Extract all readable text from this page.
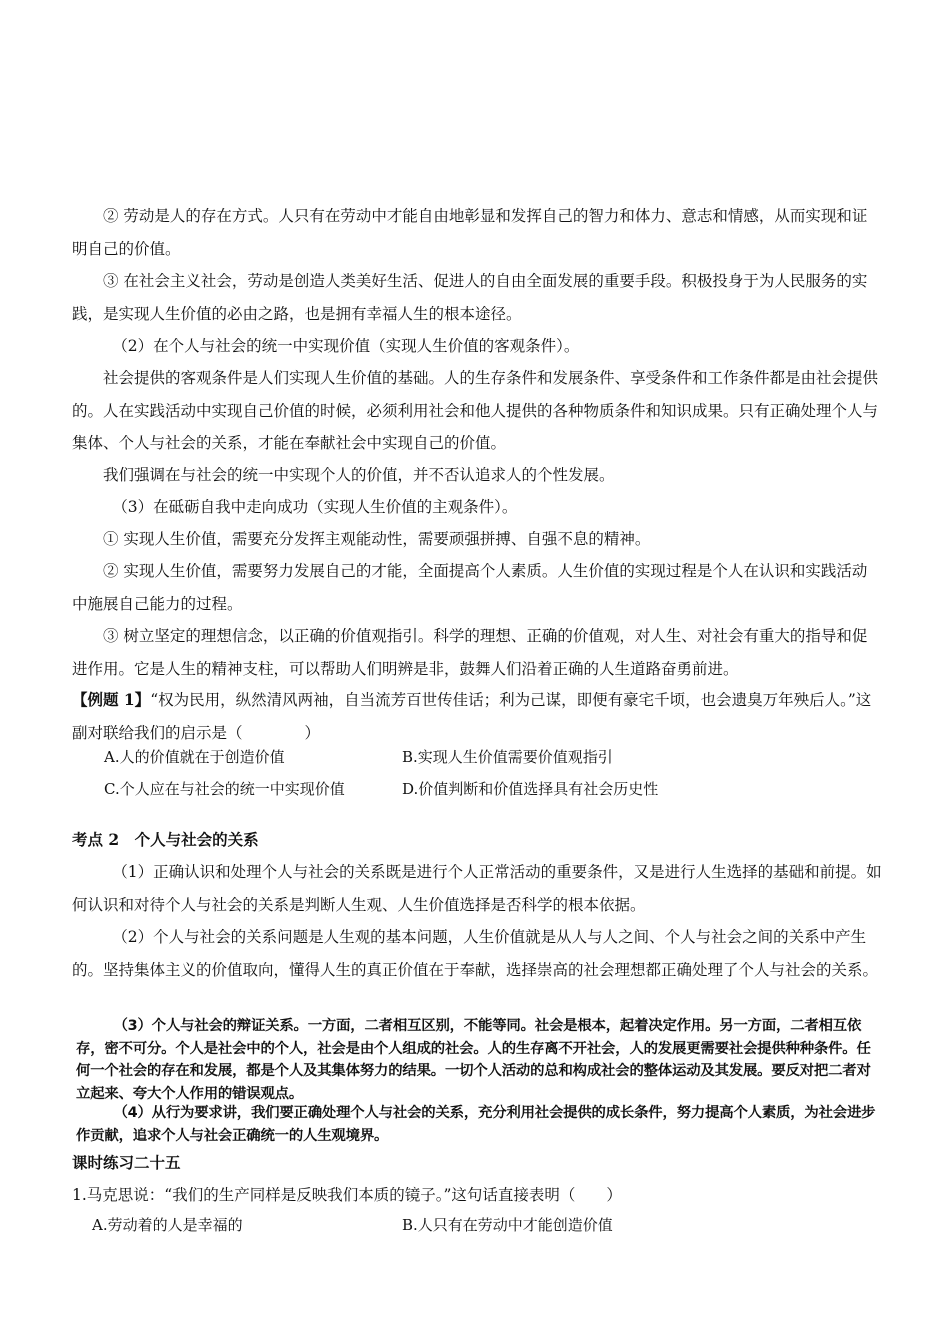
② 劳动是人的存在方式。人只有在劳动中才能自由地彰显和发挥自己的智力和体力、意志和情感，从而实现和证明自己的价值。
③ 在社会主义社会，劳动是创造人类美好生活、促进人的自由全面发展的重要手段。积极投身于为人民服务的实践，是实现人生价值的必由之路，也是拥有幸福人生的根本途径。
（2）在个人与社会的统一中实现价值（实现人生价值的客观条件）。
社会提供的客观条件是人们实现人生价值的基础。人的生存条件和发展条件、享受条件和工作条件都是由社会提供的。人在实践活动中实现自己价值的时候，必须利用社会和他人提供的各种物质条件和知识成果。只有正确处理个人与集体、个人与社会的关系，才能在奉献社会中实现自己的价值。
我们强调在与社会的统一中实现个人的价值，并不否认追求人的个性发展。
（3）在砥砺自我中走向成功（实现人生价值的主观条件）。
① 实现人生价值，需要充分发挥主观能动性，需要顽强拼搏、自强不息的精神。
② 实现人生价值，需要努力发展自己的才能，全面提高个人素质。人生价值的实现过程是个人在认识和实践活动中施展自己能力的过程。
③ 树立坚定的理想信念，以正确的价值观指引。科学的理想、正确的价值观，对人生、对社会有重大的指导和促进作用。它是人生的精神支柱，可以帮助人们明辨是非，鼓舞人们沿着正确的人生道路奋勇前进。
【例题 1】“权为民用，纵然清风两袖，自当流芳百世传佳话；利为己谋，即便有豪宅千顷，也会遗臭万年殃后人。”这副对联给我们的启示是（　　　　）
A.人的价值就在于创造价值	B.实现人生价值需要价值观指引
C.个人应在与社会的统一中实现价值	D.价值判断和价值选择具有社会历史性
考点 2　个人与社会的关系
（1）正确认识和处理个人与社会的关系既是进行个人正常活动的重要条件，又是进行人生选择的基础和前提。如何认识和对待个人与社会的关系是判断人生观、人生价值选择是否科学的根本依据。
（2）个人与社会的关系问题是人生观的基本问题，人生价值就是从人与人之间、个人与社会之间的关系中产生的。坚持集体主义的价值取向，懂得人生的真正价值在于奉献，选择崇高的社会理想都正确处理了个人与社会的关系。
（3）个人与社会的辩证关系。一方面，二者相互区别，不能等同。社会是根本，起着决定作用。另一方面，二者相互依存，密不可分。个人是社会中的个人，社会是由个人组成的社会。人的生存离不开社会，人的发展更需要社会提供种种条件。任何一个社会的存在和发展，都是个人及其集体努力的结果。一切个人活动的总和构成社会的整体运动及其发展。要反对把二者对立起来、夸大个人作用的错误观点。
（4）从行为要求讲，我们要正确处理个人与社会的关系，充分利用社会提供的成长条件，努力提高个人素质，为社会进步作贡献，追求个人与社会正确统一的人生观境界。
课时练习二十五
1.马克思说：“我们的生产同样是反映我们本质的镜子。”这句话直接表明（　　）
A.劳动着的人是幸福的	B.人只有在劳动中才能创造价值
